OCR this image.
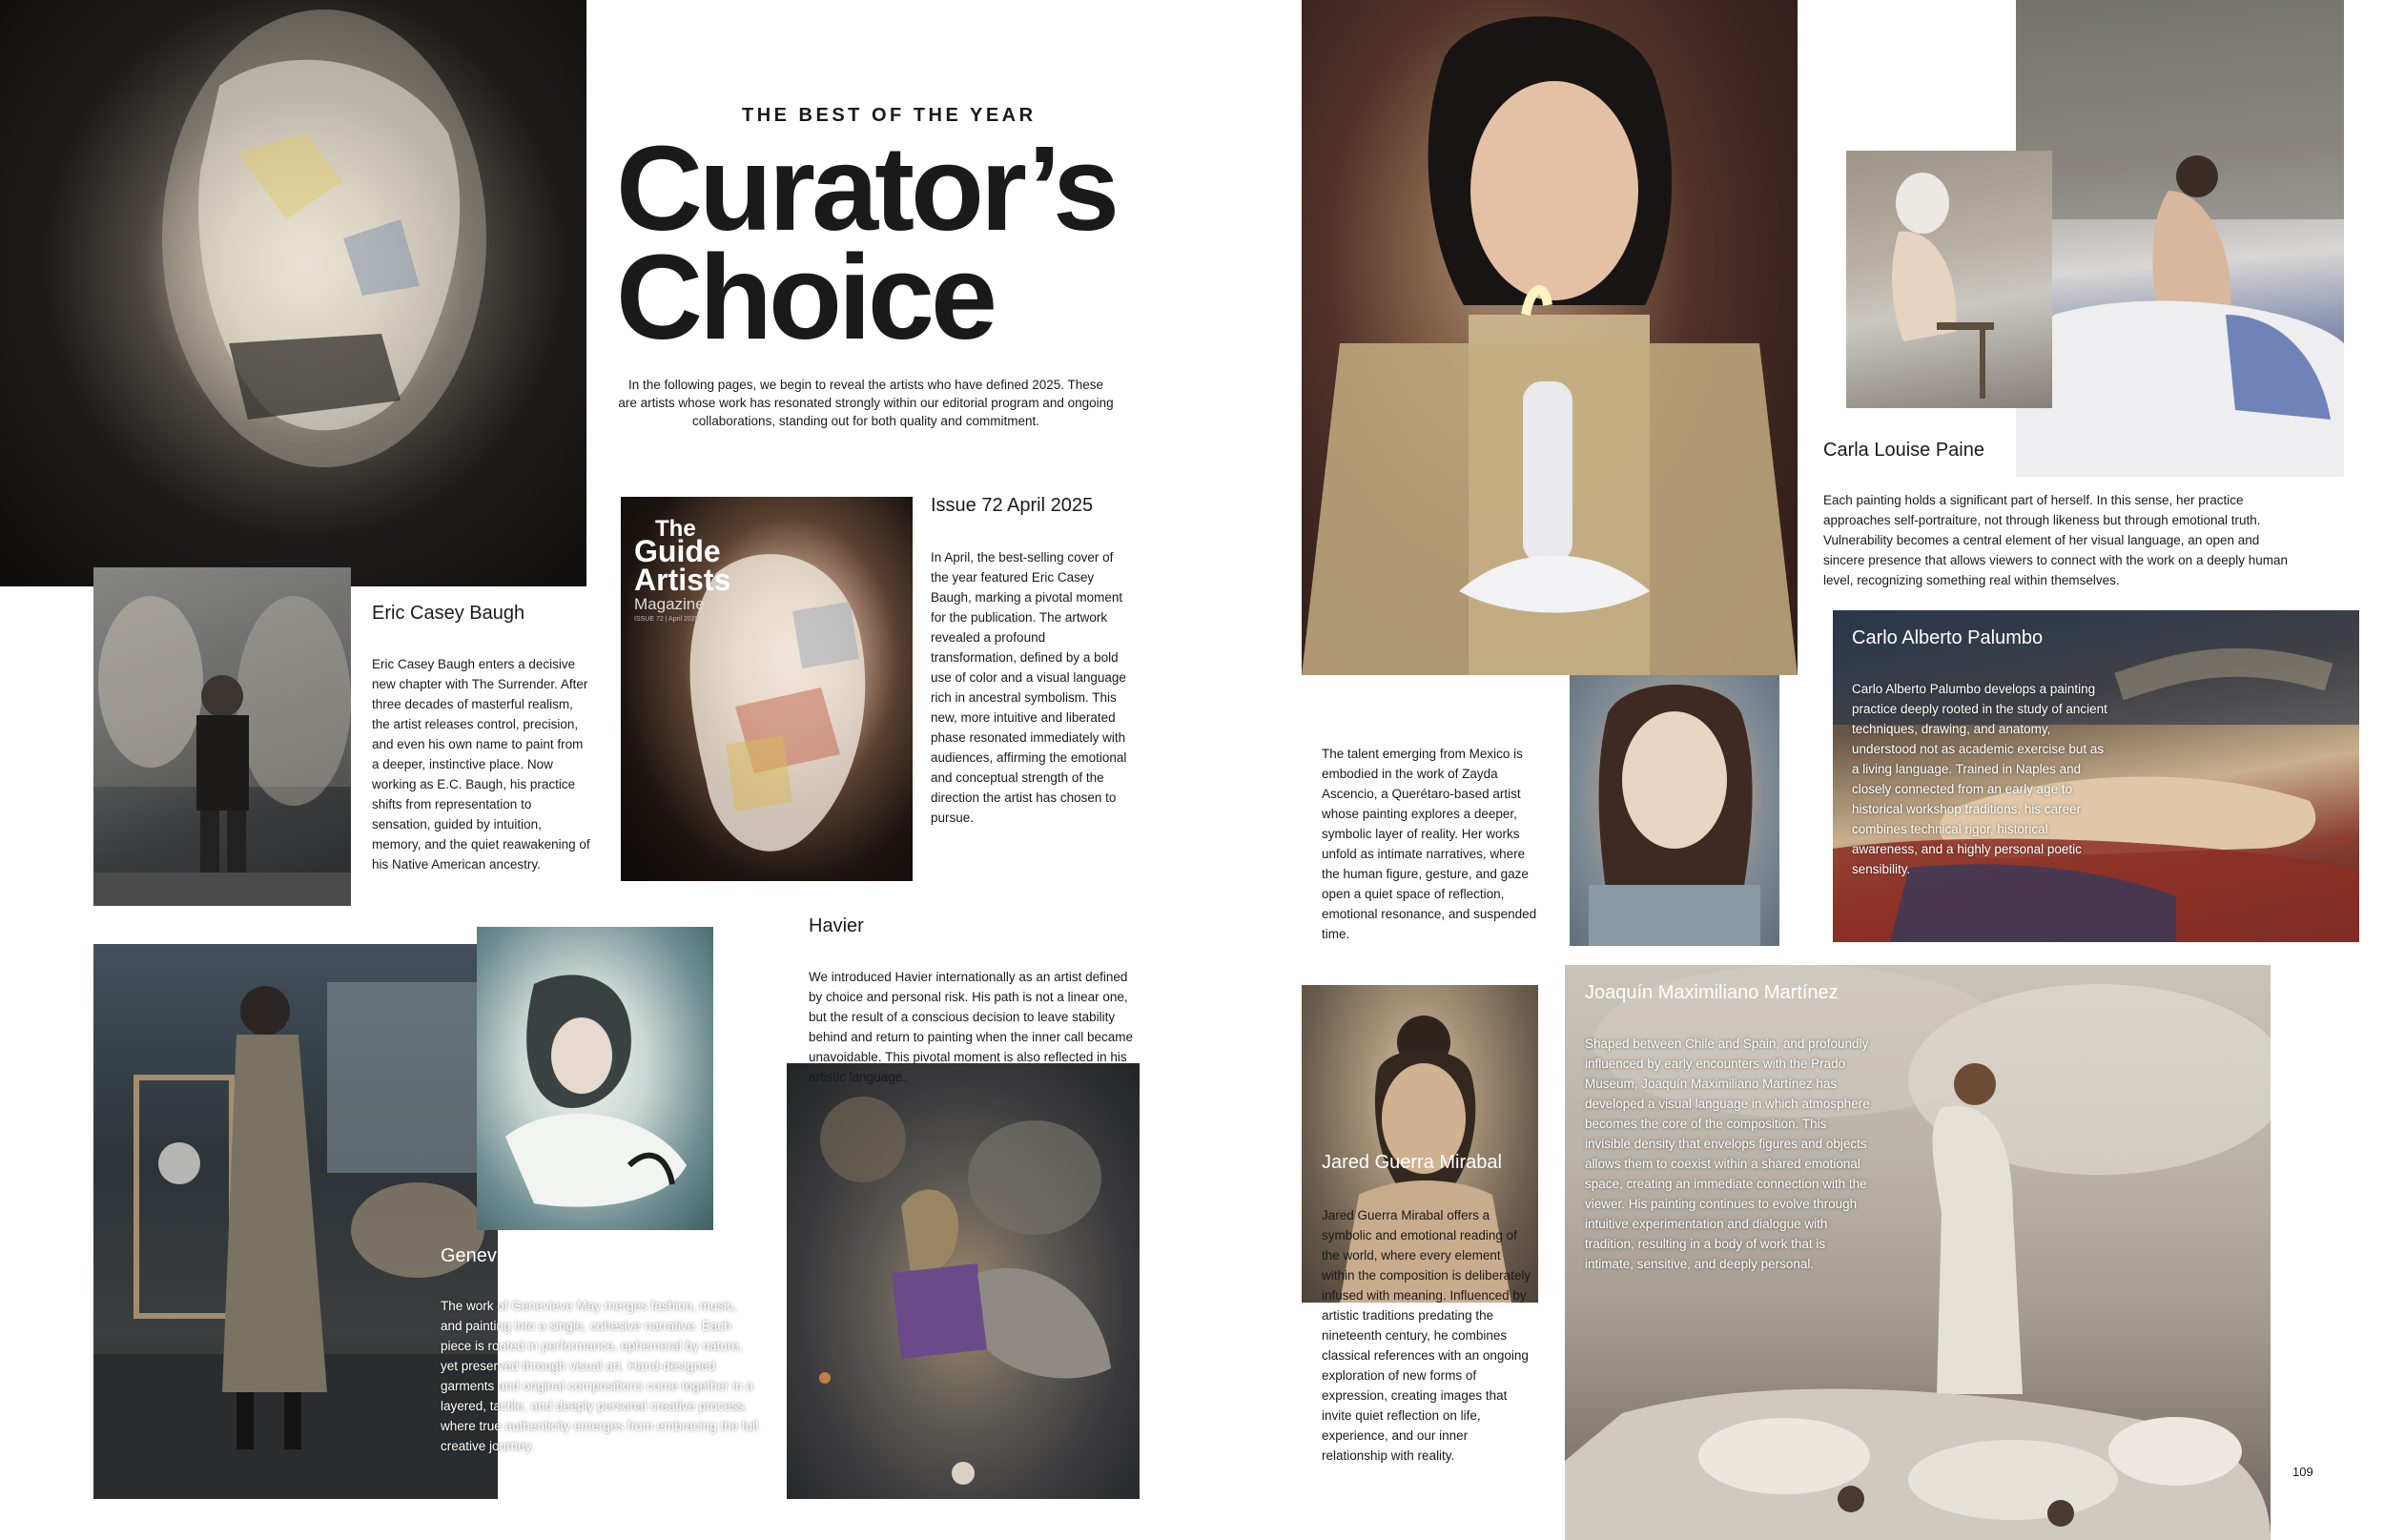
Eric Casey Baugh

Eric Casey Baugh enters a decisive new chapter with The Surrender. After three decades of masterful realism, the artist releases control, precision, and even his own name to paint from a deeper, instinctive place. Now working as E.C. Baugh, his practice shifts from representation to sensation, guided by intuition, memory, and the quiet reawakening of his Native American ancestry.

THE BEST OF THE YEAR
Curator’s
Choice

In the following pages, we begin to reveal the artists who have defined 2025. These are artists whose work has resonated strongly within our editorial program and ongoing collaborations, standing out for both quality and commitment.

The
Guide
Artists
Magazine
ISSUE 72 | April 2025
Issue 72 April 2025

In April, the best-selling cover of the year featured Eric Casey Baugh, marking a pivotal moment for the publication. The artwork revealed a profound transformation, defined by a bold use of color and a visual language rich in ancestral symbolism. This new, more intuitive and liberated phase resonated immediately with audiences, affirming the emotional and conceptual strength of the direction the artist has chosen to pursue.

Genevieve May

The work of Genevieve May merges fashion, music, and painting into a single, cohesive narrative. Each piece is rooted in performance, ephemeral by nature, yet preserved through visual art. Hand-designed garments and original compositions come together in a layered, tactile, and deeply personal creative process, where true authenticity emerges from embracing the full creative journey.

Havier

We introduced Havier internationally as an artist defined by choice and personal risk. His path is not a linear one, but the result of a conscious decision to leave stability behind and return to painting when the inner call became unavoidable. This pivotal moment is also reflected in his artistic language.

Zayda Ascencio

The talent emerging from Mexico is embodied in the work of Zayda Ascencio, a Querétaro-based artist whose painting explores a deeper, symbolic layer of reality. Her works unfold as intimate narratives, where the human figure, gesture, and gaze open a quiet space of reflection, emotional resonance, and suspended time.

Carla Louise Paine

Each painting holds a significant part of herself. In this sense, her practice approaches self-portraiture, not through likeness but through emotional truth. Vulnerability becomes a central element of her visual language, an open and sincere presence that allows viewers to connect with the work on a deeply human level, recognizing something real within themselves.

Carlo Alberto Palumbo

Carlo Alberto Palumbo develops a painting practice deeply rooted in the study of ancient techniques, drawing, and anatomy, understood not as academic exercise but as a living language. Trained in Naples and closely connected from an early age to historical workshop traditions, his career combines technical rigor, historical awareness, and a highly personal poetic sensibility.

Jared Guerra Mirabal

Jared Guerra Mirabal offers a symbolic and emotional reading of the world, where every element within the composition is deliberately infused with meaning. Influenced by artistic traditions predating the nineteenth century, he combines classical references with an ongoing exploration of new forms of expression, creating images that invite quiet reflection on life, experience, and our inner relationship with reality.

Joaquín Maximiliano Martínez

Shaped between Chile and Spain, and profoundly influenced by early encounters with the Prado Museum, Joaquín Maximiliano Martínez has developed a visual language in which atmosphere becomes the core of the composition. This invisible density that envelops figures and objects allows them to coexist within a shared emotional space, creating an immediate connection with the viewer. His painting continues to evolve through intuitive experimentation and dialogue with tradition, resulting in a body of work that is intimate, sensitive, and deeply personal.

109
